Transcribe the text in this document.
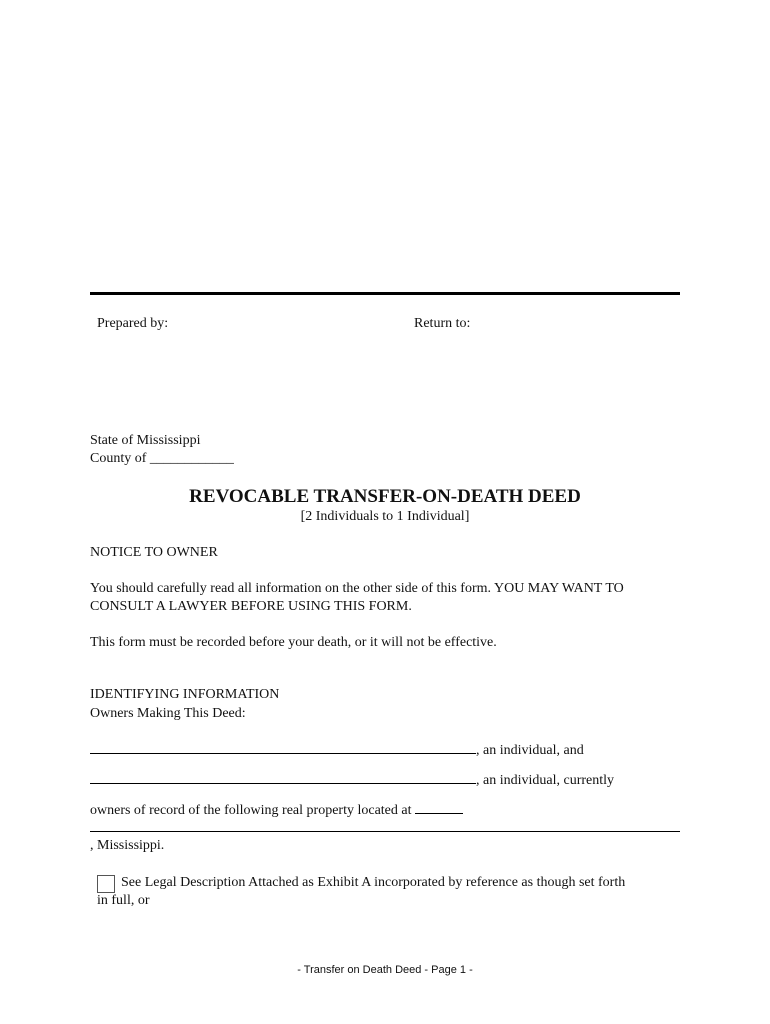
Prepared by:	Return to:
State of Mississippi
County of ____________
REVOCABLE TRANSFER-ON-DEATH DEED
[2 Individuals to 1 Individual]
NOTICE TO OWNER
You should carefully read all information on the other side of this form. YOU MAY WANT TO CONSULT A LAWYER BEFORE USING THIS FORM.
This form must be recorded before your death, or it will not be effective.
IDENTIFYING INFORMATION
Owners Making This Deed:
, an individual, and
, an individual, currently
owners of record of the following real property located at
, Mississippi.
See Legal Description Attached as Exhibit A incorporated by reference as though set forth
in full, or
- Transfer on Death Deed - Page 1 -
